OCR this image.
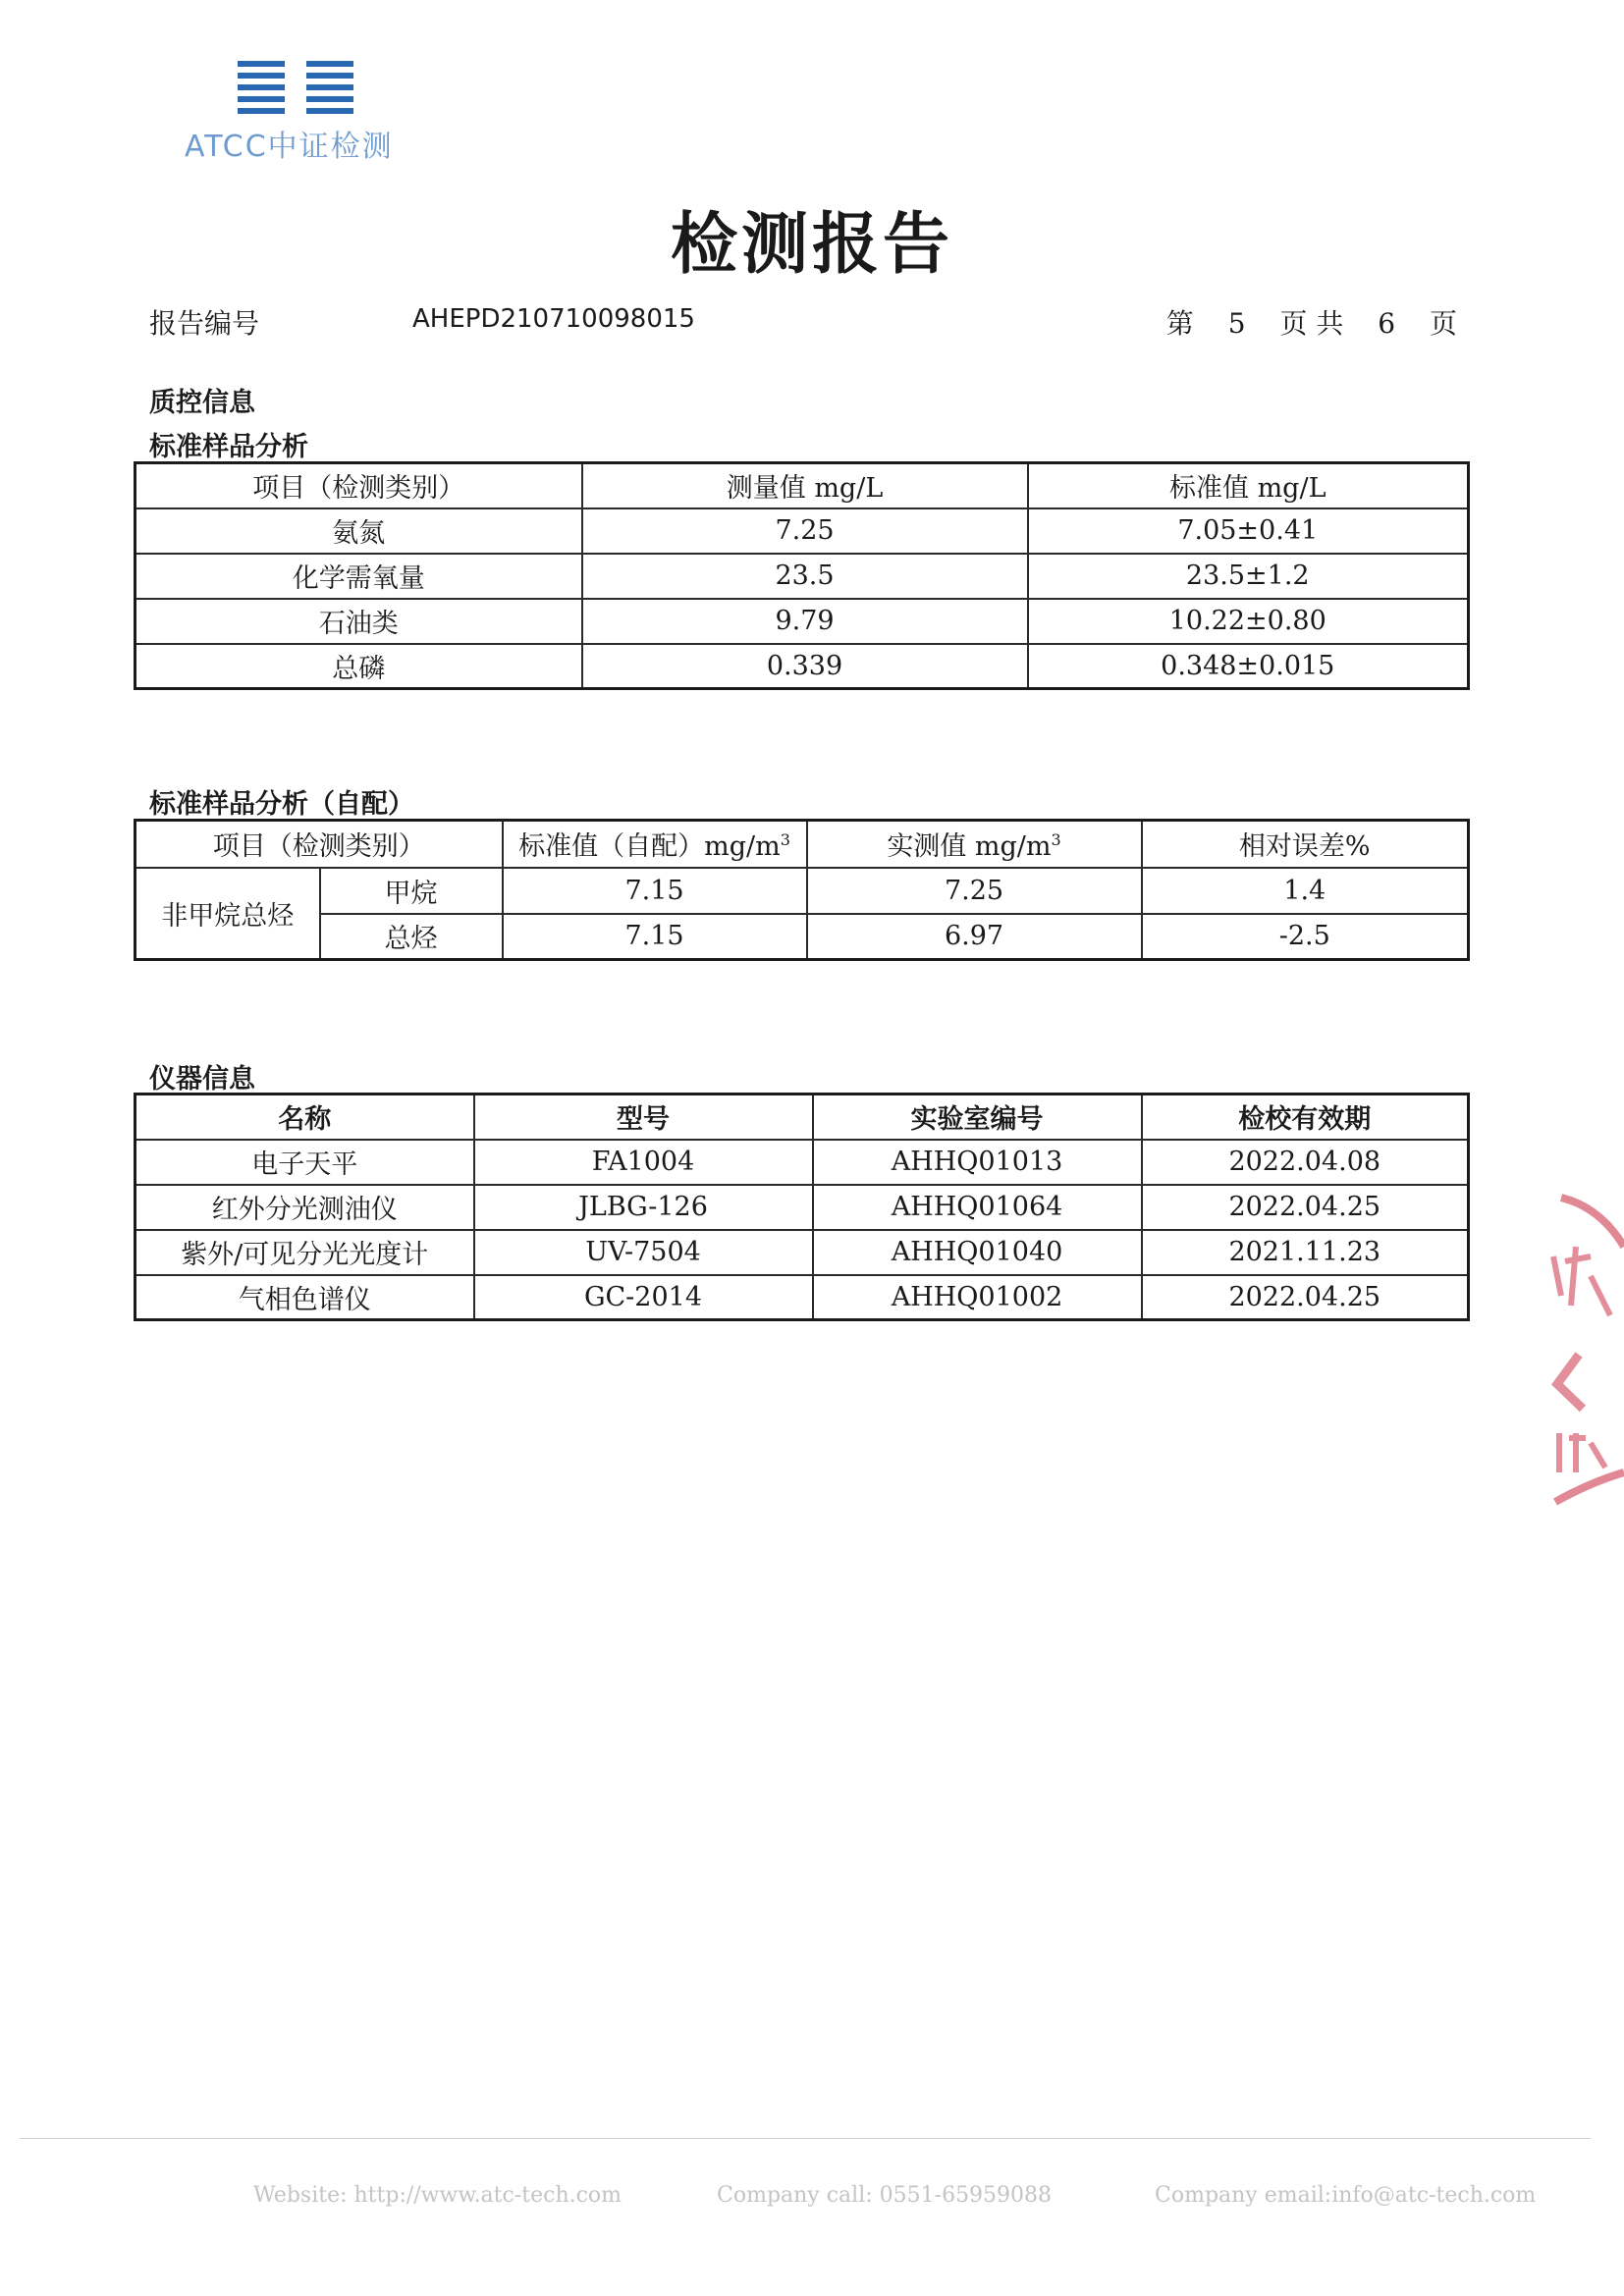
ATCC中证检测
检测报告
报告编号	AHEPD210710098015	第 5 页 共 6 页
质控信息
标准样品分析
项目（检测类别）	测量值 mg/L	标准值 mg/L
氨氮	7.25	7.05±0.41
化学需氧量	23.5	23.5±1.2
石油类	9.79	10.22±0.80
总磷	0.339	0.348±0.015
标准样品分析（自配）
项目（检测类别）		标准值（自配）$mg/m^3$	实测值 $mg/m^3$	相对误差%
非甲烷总烃	甲烷	7.15	7.25	1.4
	总烃	7.15	6.97	-2.5
仪器信息
名称	型号	实验室编号	检校有效期
电子天平	FA1004	AHHQ01013	2022.04.08
红外分光测油仪	JLBG-126	AHHQ01064	2022.04.25
紫外/可见分光光度计	UV-7504	AHHQ01040	2021.11.23
气相色谱仪	GC-2014	AHHQ01002	2022.04.25
Website: http://www.atc-tech.com	Company call: 0551-65959088	Company email:info@atc-tech.com
